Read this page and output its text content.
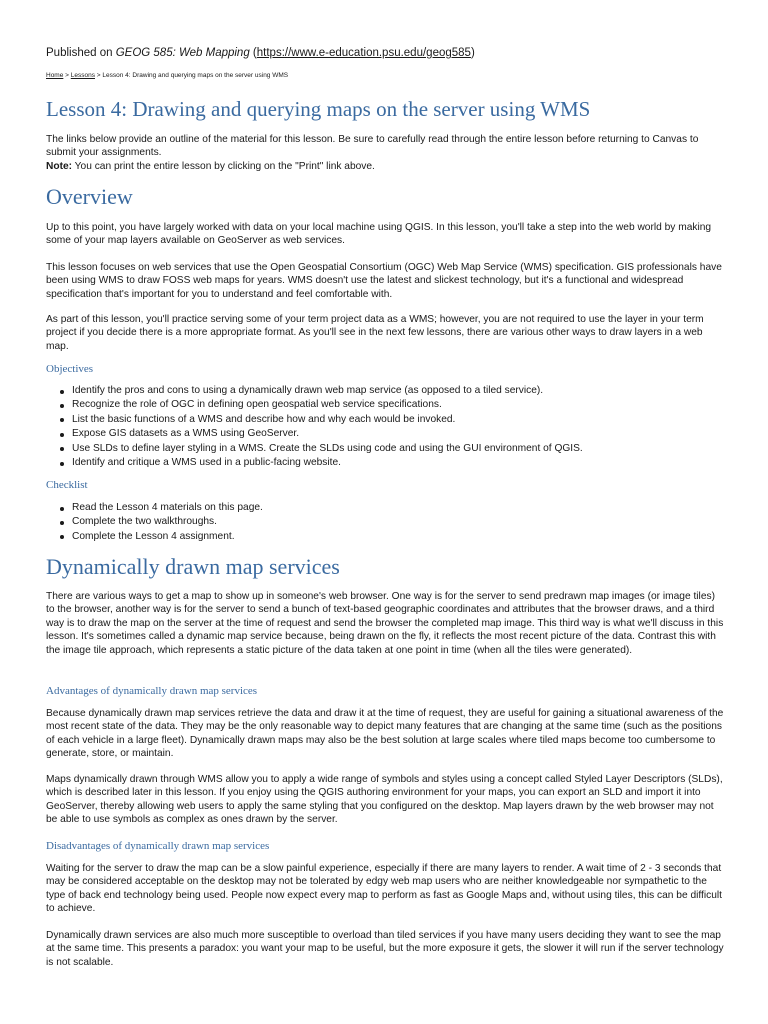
Published on GEOG 585: Web Mapping (https://www.e-education.psu.edu/geog585)
Home > Lessons > Lesson 4: Drawing and querying maps on the server using WMS
Lesson 4: Drawing and querying maps on the server using WMS

The links below provide an outline of the material for this lesson. Be sure to carefully read through the entire lesson before returning to Canvas to submit your assignments.
Note: You can print the entire lesson by clicking on the "Print" link above.

Overview

Up to this point, you have largely worked with data on your local machine using QGIS. In this lesson, you'll take a step into the web world by making some of your map layers available on GeoServer as web services.

This lesson focuses on web services that use the Open Geospatial Consortium (OGC) Web Map Service (WMS) specification. GIS professionals have been using WMS to draw FOSS web maps for years. WMS doesn't use the latest and slickest technology, but it's a functional and widespread specification that's important for you to understand and feel comfortable with.

As part of this lesson, you'll practice serving some of your term project data as a WMS; however, you are not required to use the layer in your term project if you decide there is a more appropriate format. As you'll see in the next few lessons, there are various other ways to draw layers in a web map.

Objectives
Identify the pros and cons to using a dynamically drawn web map service (as opposed to a tiled service).
Recognize the role of OGC in defining open geospatial web service specifications.
List the basic functions of a WMS and describe how and why each would be invoked.
Expose GIS datasets as a WMS using GeoServer.
Use SLDs to define layer styling in a WMS. Create the SLDs using code and using the GUI environment of QGIS.
Identify and critique a WMS used in a public-facing website.
Checklist
Read the Lesson 4 materials on this page.
Complete the two walkthroughs.
Complete the Lesson 4 assignment.
Dynamically drawn map services

There are various ways to get a map to show up in someone's web browser. One way is for the server to send predrawn map images (or image tiles) to the browser, another way is for the server to send a bunch of text-based geographic coordinates and attributes that the browser draws, and a third way is to draw the map on the server at the time of request and send the browser the completed map image. This third way is what we'll discuss in this lesson. It's sometimes called a dynamic map service because, being drawn on the fly, it reflects the most recent picture of the data. Contrast this with the image tile approach, which represents a static picture of the data taken at one point in time (when all the tiles were generated).

Advantages of dynamically drawn map services

Because dynamically drawn map services retrieve the data and draw it at the time of request, they are useful for gaining a situational awareness of the most recent state of the data. They may be the only reasonable way to depict many features that are changing at the same time (such as the positions of each vehicle in a large fleet). Dynamically drawn maps may also be the best solution at large scales where tiled maps become too cumbersome to generate, store, or maintain.

Maps dynamically drawn through WMS allow you to apply a wide range of symbols and styles using a concept called Styled Layer Descriptors (SLDs), which is described later in this lesson. If you enjoy using the QGIS authoring environment for your maps, you can export an SLD and import it into GeoServer, thereby allowing web users to apply the same styling that you configured on the desktop. Map layers drawn by the web browser may not be able to use symbols as complex as ones drawn by the server.

Disadvantages of dynamically drawn map services

Waiting for the server to draw the map can be a slow painful experience, especially if there are many layers to render. A wait time of 2 - 3 seconds that may be considered acceptable on the desktop may not be tolerated by edgy web map users who are neither knowledgeable nor sympathetic to the type of back end technology being used. People now expect every map to perform as fast as Google Maps and, without using tiles, this can be difficult to achieve.

Dynamically drawn services are also much more susceptible to overload than tiled services if you have many users deciding they want to see the map at the same time. This presents a paradox: you want your map to be useful, but the more exposure it gets, the slower it will run if the server technology is not scalable.
